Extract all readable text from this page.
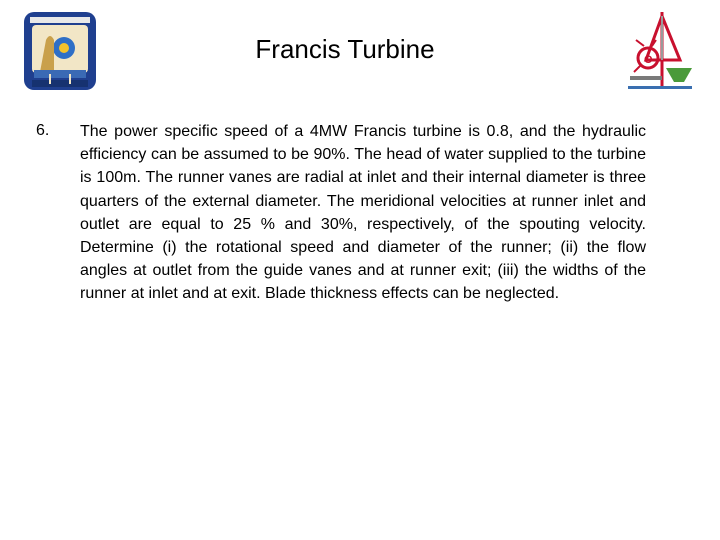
Francis Turbine	O
6. The power specific speed of a 4MW Francis turbine is 0.8, and the hydraulic efficiency can be assumed to be 90%. The head of water supplied to the turbine is 100m. The runner vanes are radial at inlet and their internal diameter is three quarters of the external diameter. The meridional velocities at runner inlet and outlet are equal to 25 % and 30%, respectively, of the spouting velocity. Determine (i) the rotational speed and diameter of the runner; (ii) the flow angles at outlet from the guide vanes and at runner exit; (iii) the widths of the runner at inlet and at exit. Blade thickness effects can be neglected.
